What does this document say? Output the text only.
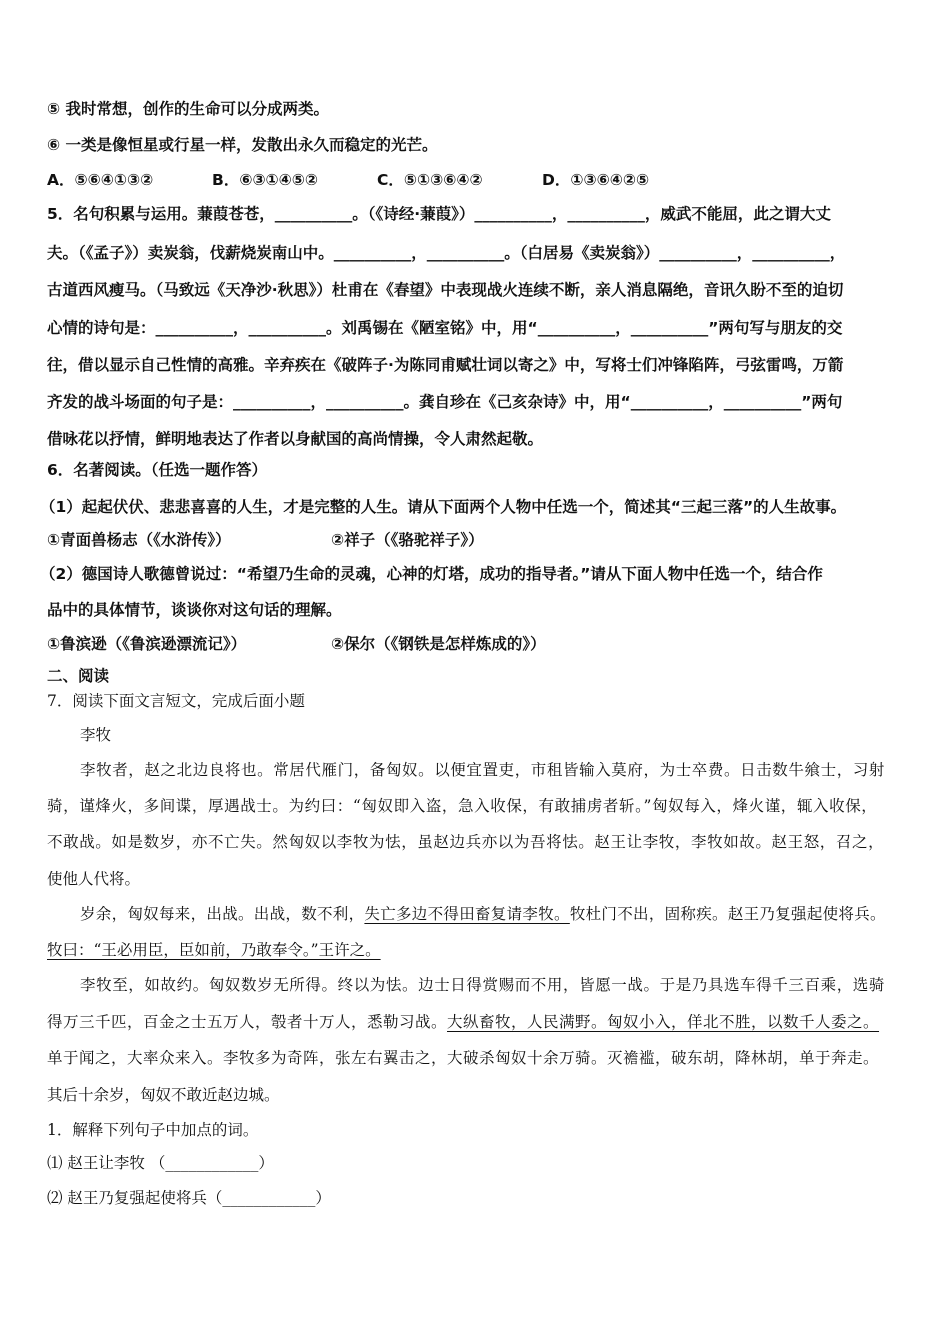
⑤ 我时常想，创作的生命可以分成两类。
⑥ 一类是像恒星或行星一样，发散出永久而稳定的光芒。
A．⑤⑥④①③②	B．⑥③①④⑤②	C．⑤①③⑥④②	D．①③⑥④②⑤
5．名句积累与运用。蒹葭苍苍，__________。（《诗经·蒹葭》）__________，__________，威武不能屈，此之谓大丈
夫。（《孟子》）卖炭翁，伐薪烧炭南山中。__________，__________。（白居易《卖炭翁》）__________，__________，
古道西风瘦马。（马致远《天净沙·秋思》）杜甫在《春望》中表现战火连续不断，亲人消息隔绝，音讯久盼不至的迫切
心情的诗句是：__________，__________。刘禹锡在《陋室铭》中，用“__________，__________”两句写与朋友的交
往，借以显示自己性情的高雅。辛弃疾在《破阵子·为陈同甫赋壮词以寄之》中，写将士们冲锋陷阵，弓弦雷鸣，万箭
齐发的战斗场面的句子是：__________，__________。龚自珍在《己亥杂诗》中，用“__________，__________”两句
借咏花以抒情，鲜明地表达了作者以身献国的高尚情操，令人肃然起敬。
6．名著阅读。（任选一题作答）
（1）起起伏伏、悲悲喜喜的人生，才是完整的人生。请从下面两个人物中任选一个，简述其“三起三落”的人生故事。
①青面兽杨志（《水浒传》）	②祥子（《骆驼祥子》）
（2）德国诗人歌德曾说过：“希望乃生命的灵魂，心神的灯塔，成功的指导者。”请从下面人物中任选一个，结合作
品中的具体情节，谈谈你对这句话的理解。
①鲁滨逊（《鲁滨逊漂流记》）	②保尔（《钢铁是怎样炼成的》）
二、阅读
7．阅读下面文言短文，完成后面小题
李牧
李牧者，赵之北边良将也。常居代雁门，备匈奴。以便宜置吏，市租皆输入莫府，为士卒费。日击数牛飨士，习射
骑，谨烽火，多间谍，厚遇战士。为约曰：“匈奴即入盗，急入收保，有敢捕虏者斩。”匈奴每入，烽火谨，辄入收保，
不敢战。如是数岁，亦不亡失。然匈奴以李牧为怯，虽赵边兵亦以为吾将怯。赵王让李牧，李牧如故。赵王怒，召之，
使他人代将。
岁余，匈奴每来，出战。出战，数不利，失亡多边不得田畜复请李牧。牧杜门不出，固称疾。赵王乃复强起使将兵。
牧曰：“王必用臣，臣如前，乃敢奉令。”王许之。
李牧至，如故约。匈奴数岁无所得。终以为怯。边士日得赏赐而不用，皆愿一战。于是乃具选车得千三百乘，选骑
得万三千匹，百金之士五万人，彀者十万人，悉勒习战。大纵畜牧，人民满野。匈奴小入，佯北不胜，以数千人委之。
单于闻之，大率众来入。李牧多为奇阵，张左右翼击之，大破杀匈奴十余万骑。灭襜褴，破东胡，降林胡，单于奔走。
其后十余岁，匈奴不敢近赵边城。
1．解释下列句子中加点的词。
⑴ 赵王让李牧 （____________）
⑵ 赵王乃复强起使将兵（____________）
